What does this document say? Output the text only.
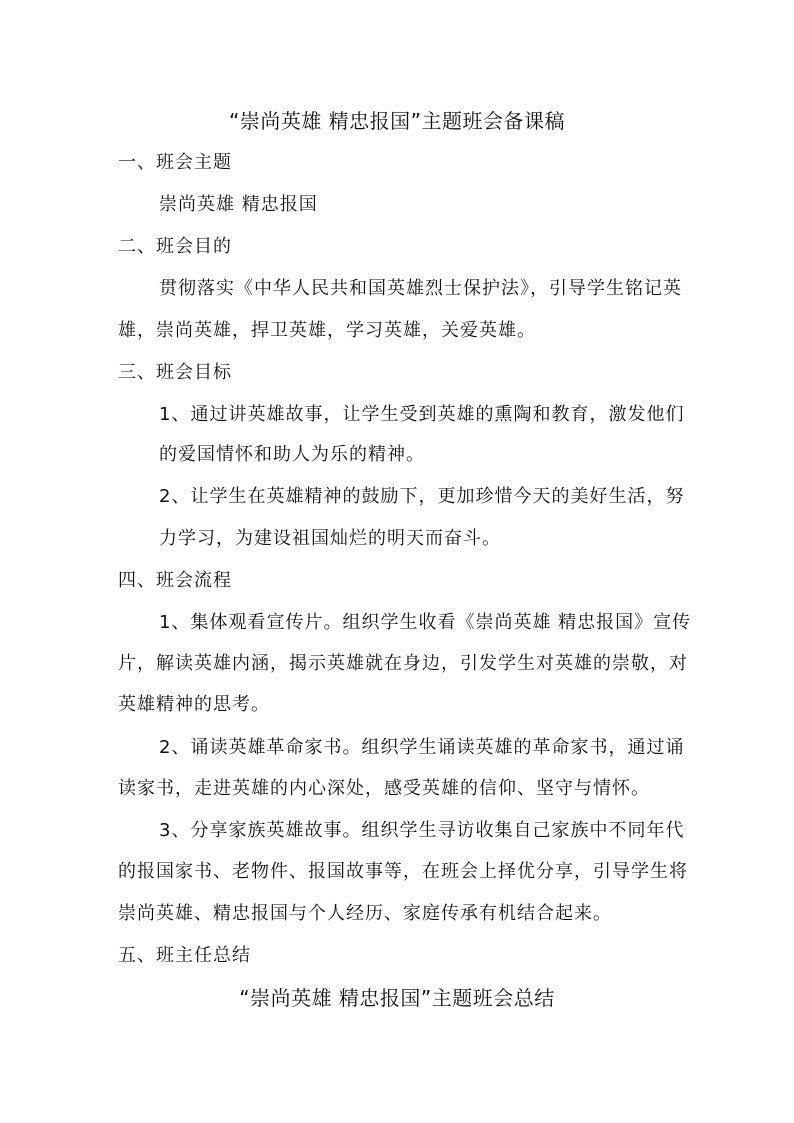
“崇尚英雄 精忠报国”主题班会备课稿
一、班会主题
崇尚英雄 精忠报国
二、班会目的
贯彻落实《中华人民共和国英雄烈士保护法》，引导学生铭记英
雄，崇尚英雄，捍卫英雄，学习英雄，关爱英雄。
三、班会目标
1、通过讲英雄故事，让学生受到英雄的熏陶和教育，激发他们
的爱国情怀和助人为乐的精神。
2、让学生在英雄精神的鼓励下，更加珍惜今天的美好生活，努
力学习，为建设祖国灿烂的明天而奋斗。
四、班会流程
1、集体观看宣传片。组织学生收看《崇尚英雄 精忠报国》宣传
片，解读英雄内涵，揭示英雄就在身边，引发学生对英雄的崇敬，对
英雄精神的思考。
2、诵读英雄革命家书。组织学生诵读英雄的革命家书，通过诵
读家书，走进英雄的内心深处，感受英雄的信仰、坚守与情怀。
3、分享家族英雄故事。组织学生寻访收集自己家族中不同年代
的报国家书、老物件、报国故事等，在班会上择优分享，引导学生将
崇尚英雄、精忠报国与个人经历、家庭传承有机结合起来。
五、班主任总结
“崇尚英雄 精忠报国”主题班会总结
